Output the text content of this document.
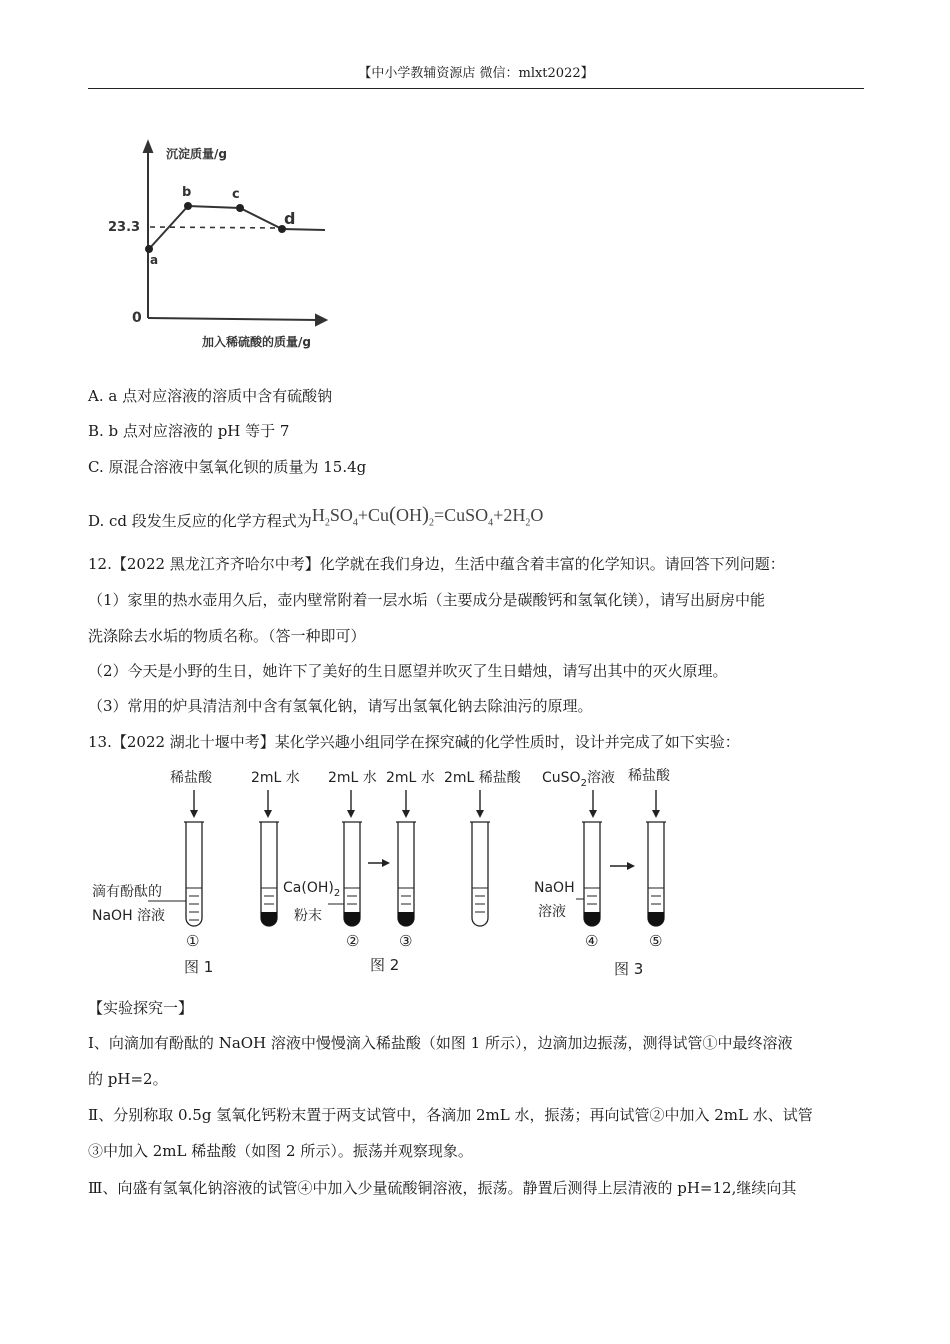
【中小学教辅资源店 微信：mlxt2022】
沉淀质量/g
加入稀硫酸的质量/g
0
23.3
a
b	c
d
A. a 点对应溶液的溶质中含有硫酸钠
B. b 点对应溶液的 pH 等于 7
C. 原混合溶液中氢氧化钡的质量为 15.4g
D. cd 段发生反应的化学方程式为$H_2SO_4+Cu(OH)_2=CuSO_4+2H_2O$
12.【2022 黑龙江齐齐哈尔中考】化学就在我们身边，生活中蕴含着丰富的化学知识。请回答下列问题：
（1）家里的热水壶用久后，壶内壁常附着一层水垢（主要成分是碳酸钙和氢氧化镁），请写出厨房中能
洗涤除去水垢的物质名称。（答一种即可）
（2）今天是小野的生日，她许下了美好的生日愿望并吹灭了生日蜡烛，请写出其中的灭火原理。
（3）常用的炉具清洁剂中含有氢氧化钠，请写出氢氧化钠去除油污的原理。
13.【2022 湖北十堰中考】某化学兴趣小组同学在探究碱的化学性质时，设计并完成了如下实验：
稀盐酸	2mL 水 2mL 水 2mL 水 2mL 稀盐酸 CuSO$_2$溶液 稀盐酸
滴有酚酞的
NaOH 溶液
$Ca(OH)_2$
粉末
NaOH
溶液
①	②	③	④	⑤
图 1	图 2	图 3
【实验探究一】
Ⅰ、向滴加有酚酞的 NaOH 溶液中慢慢滴入稀盐酸（如图 1 所示），边滴加边振荡，测得试管①中最终溶液
的 pH=2。
Ⅱ、分别称取 0.5g 氢氧化钙粉末置于两支试管中，各滴加 2mL 水，振荡；再向试管②中加入 2mL 水、试管
③中加入 2mL 稀盐酸（如图 2 所示）。振荡并观察现象。
Ⅲ、向盛有氢氧化钠溶液的试管④中加入少量硫酸铜溶液，振荡。静置后测得上层清液的 pH=12,继续向其
